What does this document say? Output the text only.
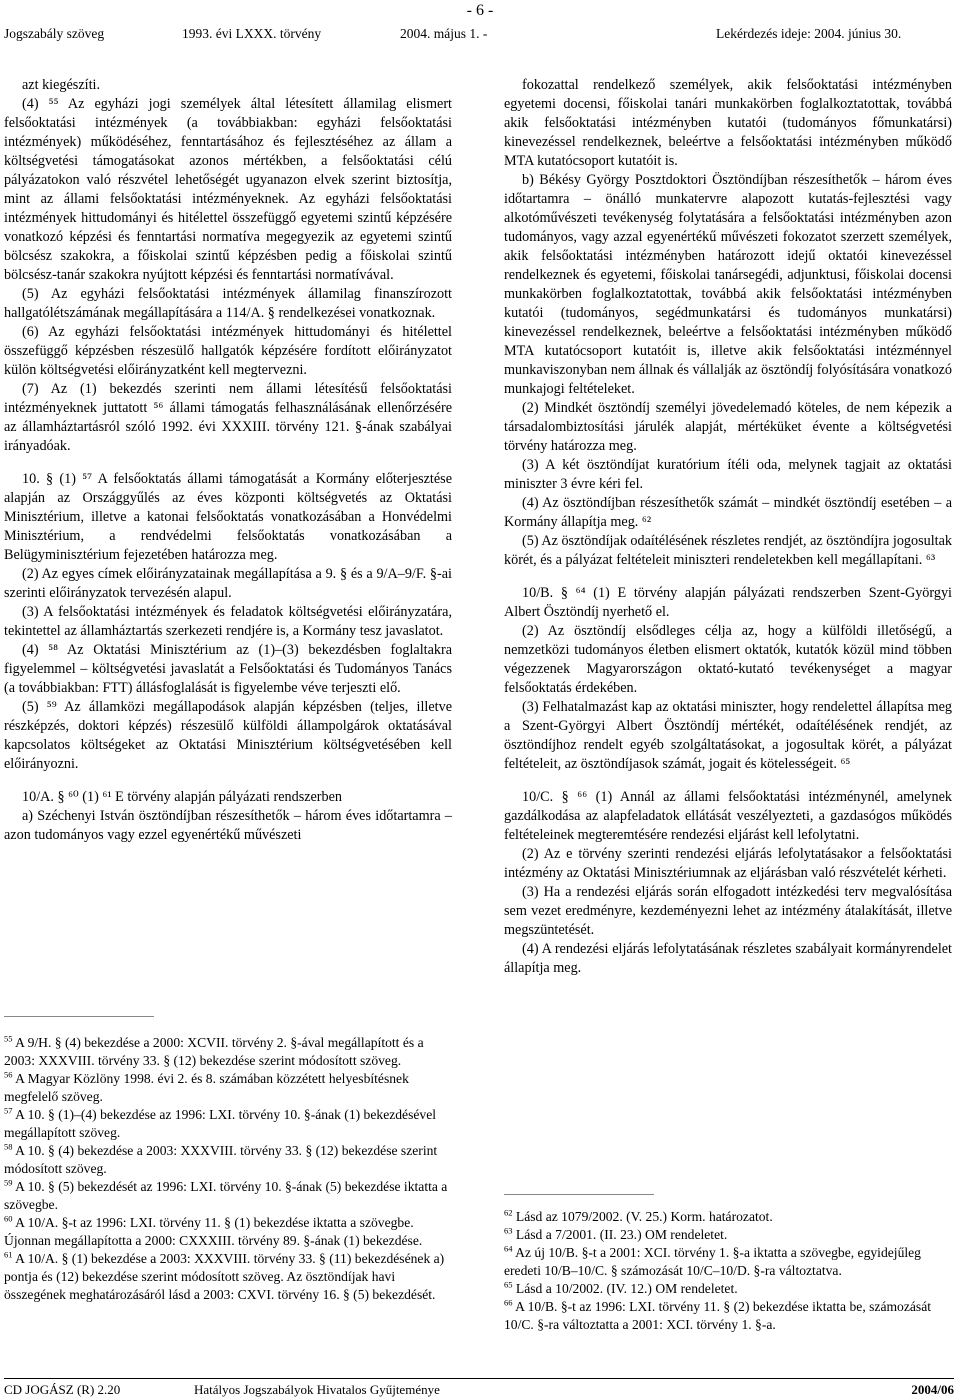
- 6 -
Jogszabály szöveg	1993. évi LXXX. törvény	2004. május 1. -	Lekérdezés ideje: 2004. június 30.

azt kiegészíti.

(4) ⁵⁵ Az egyházi jogi személyek által létesített államilag elismert felsőoktatási intézmények (a továbbiakban: egyházi felsőoktatási intézmények) működéséhez, fenntartásához és fejlesztéséhez az állam a költségvetési támogatásokat azonos mértékben, a felsőoktatási célú pályázatokon való részvétel lehetőségét ugyanazon elvek szerint biztosítja, mint az állami felsőoktatási intézményeknek. Az egyházi felsőoktatási intézmények hittudományi és hitélettel összefüggő egyetemi szintű képzésére vonatkozó képzési és fenntartási normatíva megegyezik az egyetemi szintű bölcsész szakokra, a főiskolai szintű képzésben pedig a főiskolai szintű bölcsész-tanár szakokra nyújtott képzési és fenntartási normatívával.

(5) Az egyházi felsőoktatási intézmények államilag finanszírozott hallgatólétszámának megállapítására a 114/A. § rendelkezései vonatkoznak.

(6) Az egyházi felsőoktatási intézmények hittudományi és hitélettel összefüggő képzésben részesülő hallgatók képzésére fordított előirányzatot külön költségvetési előirányzatként kell megtervezni.

(7) Az (1) bekezdés szerinti nem állami létesítésű felsőoktatási intézményeknek juttatott ⁵⁶ állami támogatás felhasználásának ellenőrzésére az államháztartásról szóló 1992. évi XXXIII. törvény 121. §-ának szabályai irányadóak.

10. § (1) ⁵⁷ A felsőoktatás állami támogatását a Kormány előterjesztése alapján az Országgyűlés az éves központi költségvetés az Oktatási Minisztérium, illetve a katonai felsőoktatás vonatkozásában a Honvédelmi Minisztérium, a rendvédelmi felsőoktatás vonatkozásában a Belügyminisztérium fejezetében határozza meg.

(2) Az egyes címek előirányzatainak megállapítása a 9. § és a 9/A–9/F. §-ai szerinti előirányzatok tervezésén alapul.

(3) A felsőoktatási intézmények és feladatok költségvetési előirányzatára, tekintettel az államháztartás szerkezeti rendjére is, a Kormány tesz javaslatot.

(4) ⁵⁸ Az Oktatási Minisztérium az (1)–(3) bekezdésben foglaltakra figyelemmel – költségvetési javaslatát a Felsőoktatási és Tudományos Tanács (a továbbiakban: FTT) állásfoglalását is figyelembe véve terjeszti elő.

(5) ⁵⁹ Az államközi megállapodások alapján képzésben (teljes, illetve részképzés, doktori képzés) részesülő külföldi állampolgárok oktatásával kapcsolatos költségeket az Oktatási Minisztérium költségvetésében kell előirányozni.

10/A. § ⁶⁰ (1) ⁶¹ E törvény alapján pályázati rendszerben

a) Széchenyi István ösztöndíjban részesíthetők – három éves időtartamra – azon tudományos vagy ezzel egyenértékű művészeti

$^{55}$ A 9/H. § (4) bekezdése a 2000: XCVII. törvény 2. §-ával megállapított és a 2003: XXXVIII. törvény 33. § (12) bekezdése szerint módosított szöveg.

$^{56}$ A Magyar Közlöny 1998. évi 2. és 8. számában közzétett helyesbítésnek megfelelő szöveg.

$^{57}$ A 10. § (1)–(4) bekezdése az 1996: LXI. törvény 10. §-ának (1) bekezdésével megállapított szöveg.

$^{58}$ A 10. § (4) bekezdése a 2003: XXXVIII. törvény 33. § (12) bekezdése szerint módosított szöveg.

$^{59}$ A 10. § (5) bekezdését az 1996: LXI. törvény 10. §-ának (5) bekezdése iktatta a szövegbe.

$^{60}$ A 10/A. §-t az 1996: LXI. törvény 11. § (1) bekezdése iktatta a szövegbe. Újonnan megállapította a 2000: CXXXIII. törvény 89. §-ának (1) bekezdése.

$^{61}$ A 10/A. § (1) bekezdése a 2003: XXXVIII. törvény 33. § (11) bekezdésének a) pontja és (12) bekezdése szerint módosított szöveg. Az ösztöndíjak havi összegének meghatározásáról lásd a 2003: CXVI. törvény 16. § (5) bekezdését.

fokozattal rendelkező személyek, akik felsőoktatási intézményben egyetemi docensi, főiskolai tanári munkakörben foglalkoztatottak, továbbá akik felsőoktatási intézményben kutatói (tudományos főmunkatársi) kinevezéssel rendelkeznek, beleértve a felsőoktatási intézményben működő MTA kutatócsoport kutatóit is.

b) Békésy György Posztdoktori Ösztöndíjban részesíthetők – három éves időtartamra – önálló munkatervre alapozott kutatás-fejlesztési vagy alkotóművészeti tevékenység folytatására a felsőoktatási intézményben azon tudományos, vagy azzal egyenértékű művészeti fokozatot szerzett személyek, akik felsőoktatási intézményben határozott idejű oktatói kinevezéssel rendelkeznek és egyetemi, főiskolai tanársegédi, adjunktusi, főiskolai docensi munkakörben foglalkoztatottak, továbbá akik felsőoktatási intézményben kutatói (tudományos, segédmunkatársi és tudományos munkatársi) kinevezéssel rendelkeznek, beleértve a felsőoktatási intézményben működő MTA kutatócsoport kutatóit is, illetve akik felsőoktatási intézménnyel munkaviszonyban nem állnak és vállalják az ösztöndíj folyósítására vonatkozó munkajogi feltételeket.

(2) Mindkét ösztöndíj személyi jövedelemadó köteles, de nem képezik a társadalombiztosítási járulék alapját, mértéküket évente a költségvetési törvény határozza meg.

(3) A két ösztöndíjat kuratórium ítéli oda, melynek tagjait az oktatási miniszter 3 évre kéri fel.

(4) Az ösztöndíjban részesíthetők számát – mindkét ösztöndíj esetében – a Kormány állapítja meg. ⁶²

(5) Az ösztöndíjak odaítélésének részletes rendjét, az ösztöndíjra jogosultak körét, és a pályázat feltételeit miniszteri rendeletekben kell megállapítani. ⁶³

10/B. § ⁶⁴ (1) E törvény alapján pályázati rendszerben Szent-Györgyi Albert Ösztöndíj nyerhető el.

(2) Az ösztöndíj elsődleges célja az, hogy a külföldi illetőségű, a nemzetközi tudományos életben elismert oktatók, kutatók közül mind többen végezzenek Magyarországon oktató-kutató tevékenységet a magyar felsőoktatás érdekében.

(3) Felhatalmazást kap az oktatási miniszter, hogy rendelettel állapítsa meg a Szent-Györgyi Albert Ösztöndíj mértékét, odaítélésének rendjét, az ösztöndíjhoz rendelt egyéb szolgáltatásokat, a jogosultak körét, a pályázat feltételeit, az ösztöndíjasok számát, jogait és kötelességeit. ⁶⁵

10/C. § ⁶⁶ (1) Annál az állami felsőoktatási intézménynél, amelynek gazdálkodása az alapfeladatok ellátását veszélyezteti, a gazdasógos működés feltételeinek megteremtésére rendezési eljárást kell lefolytatni.

(2) Az e törvény szerinti rendezési eljárás lefolytatásakor a felsőoktatási intézmény az Oktatási Minisztériumnak az eljárásban való részvételét kérheti.

(3) Ha a rendezési eljárás során elfogadott intézkedési terv megvalósítása sem vezet eredményre, kezdeményezni lehet az intézmény átalakítását, illetve megszüntetését.

(4) A rendezési eljárás lefolytatásának részletes szabályait kormányrendelet állapítja meg.

$^{62}$ Lásd az 1079/2002. (V. 25.) Korm. határozatot.

$^{63}$ Lásd a 7/2001. (II. 23.) OM rendeletet.

$^{64}$ Az új 10/B. §-t a 2001: XCI. törvény 1. §-a iktatta a szövegbe, egyidejűleg eredeti 10/B–10/C. § számozását 10/C–10/D. §-ra változtatva.

$^{65}$ Lásd a 10/2002. (IV. 12.) OM rendeletet.

$^{66}$ A 10/B. §-t az 1996: LXI. törvény 11. § (2) bekezdése iktatta be, számozását 10/C. §-ra változtatta a 2001: XCI. törvény 1. §-a.

CD JOGÁSZ (R) 2.20	Hatályos Jogszabályok Hivatalos Gyűjteménye	2004/06
